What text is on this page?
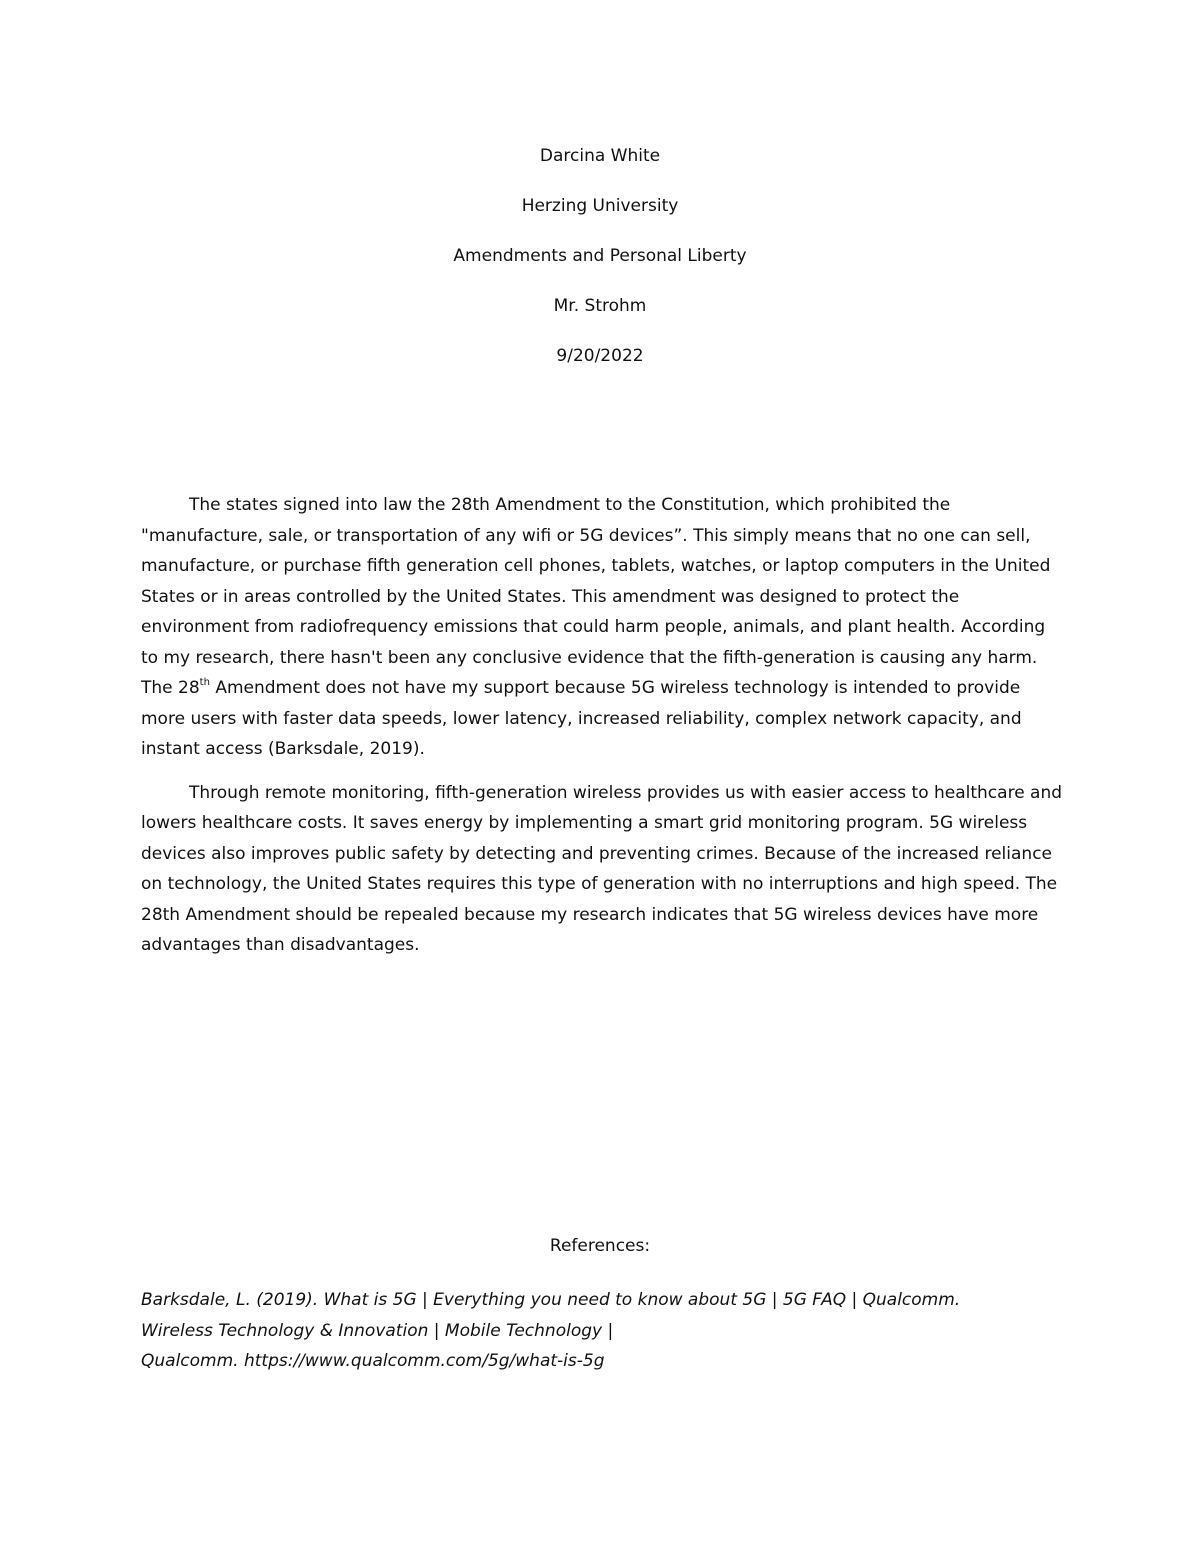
Darcina White

Herzing University

Amendments and Personal Liberty

Mr. Strohm

9/20/2022

The states signed into law the 28th Amendment to the Constitution, which prohibited the "manufacture, sale, or transportation of any wifi or 5G devices”. This simply means that no one can sell, manufacture, or purchase fifth generation cell phones, tablets, watches, or laptop computers in the United States or in areas controlled by the United States. This amendment was designed to protect the environment from radiofrequency emissions that could harm people, animals, and plant health. According to my research, there hasn't been any conclusive evidence that the fifth-generation is causing any harm. The 28th Amendment does not have my support because 5G wireless technology is intended to provide more users with faster data speeds, lower latency, increased reliability, complex network capacity, and instant access (Barksdale, 2019).

Through remote monitoring, fifth-generation wireless provides us with easier access to healthcare and lowers healthcare costs. It saves energy by implementing a smart grid monitoring program. 5G wireless devices also improves public safety by detecting and preventing crimes. Because of the increased reliance on technology, the United States requires this type of generation with no interruptions and high speed. The 28th Amendment should be repealed because my research indicates that 5G wireless devices have more advantages than disadvantages.

References:

Barksdale, L. (2019). What is 5G | Everything you need to know about 5G | 5G FAQ | Qualcomm.
Wireless Technology & Innovation | Mobile Technology |
Qualcomm. https://www.qualcomm.com/5g/what-is-5g
